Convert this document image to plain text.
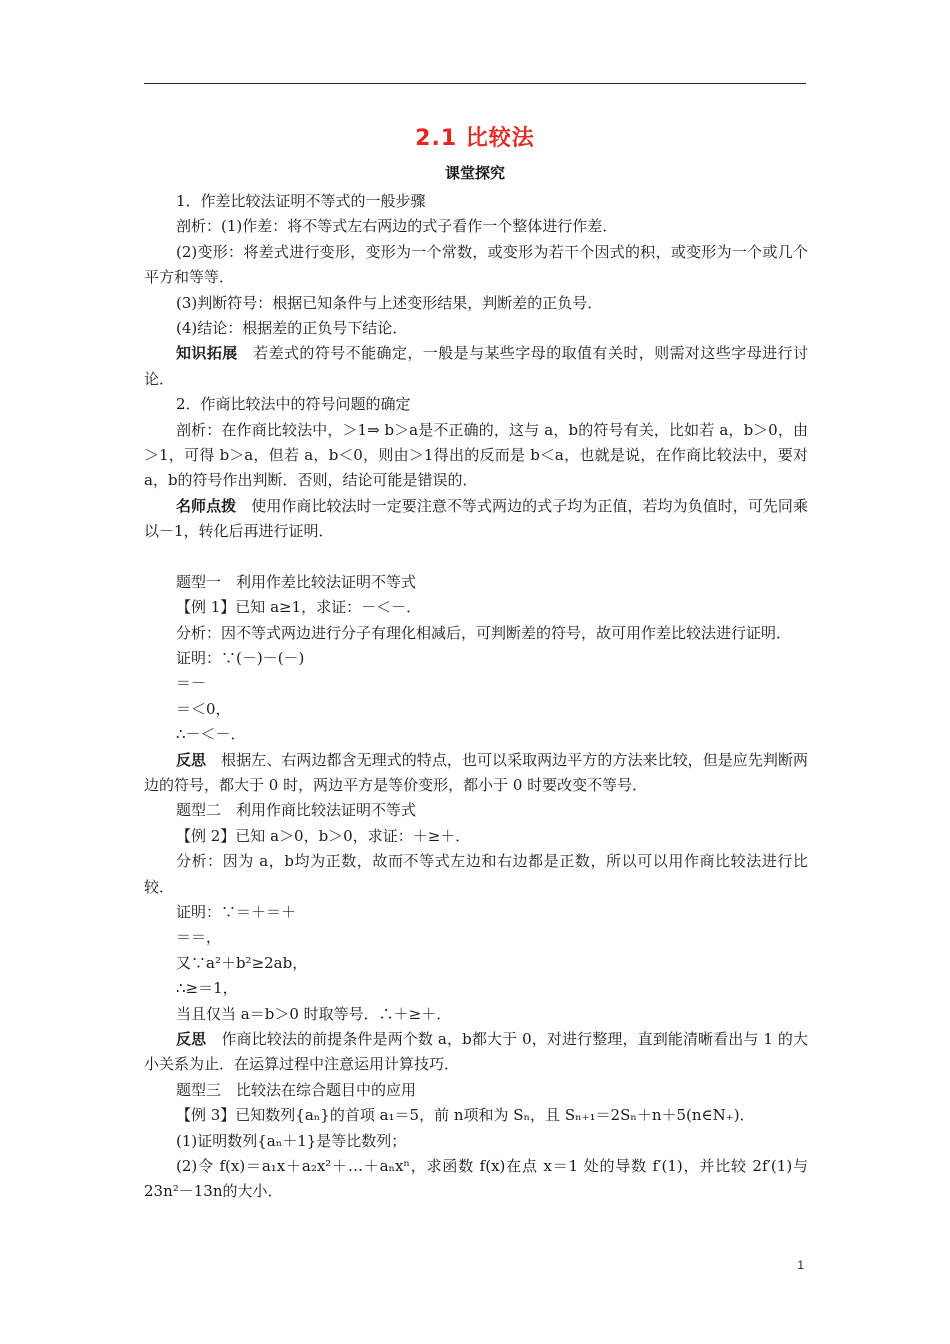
2.1 比较法
课堂探究

1．作差比较法证明不等式的一般步骤

剖析：(1)作差：将不等式左右两边的式子看作一个整体进行作差．

(2)变形：将差式进行变形，变形为一个常数，或变形为若干个因式的积，或变形为一个或几个平方和等等．

(3)判断符号：根据已知条件与上述变形结果，判断差的正负号．

(4)结论：根据差的正负号下结论．

知识拓展　 若差式的符号不能确定，一般是与某些字母的取值有关时，则需对这些字母进行讨论．

2．作商比较法中的符号问题的确定

剖析：在作商比较法中，＞1⇒ b＞a是不正确的，这与 a，b的符号有关，比如若 a，b＞0，由＞1，可得 b＞a，但若 a，b＜0，则由＞1得出的反而是 b＜a，也就是说，在作商比较法中，要对 a，b的符号作出判断．否则，结论可能是错误的．

名师点拨　 使用作商比较法时一定要注意不等式两边的式子均为正值，若均为负值时，可先同乘以－1，转化后再进行证明．

题型一　利用作差比较法证明不等式

【例 1】已知 a≥1，求证：－＜－．

分析：因不等式两边进行分子有理化相减后，可判断差的符号，故可用作差比较法进行证明．

证明：∵(－)－(－)

＝－

＝＜0，

∴－＜－．

反思　 根据左、右两边都含无理式的特点，也可以采取两边平方的方法来比较，但是应先判断两边的符号，都大于 0 时，两边平方是等价变形，都小于 0 时要改变不等号．

题型二　利用作商比较法证明不等式

【例 2】已知 a＞0，b＞0，求证：＋≥＋．

分析：因为 a，b均为正数，故而不等式左边和右边都是正数，所以可以用作商比较法进行比较．

证明：∵＝＋＝＋

＝＝，

又∵a²＋b²≥2ab，

∴≥＝1，

当且仅当 a＝b＞0 时取等号．∴＋≥＋．

反思　 作商比较法的前提条件是两个数 a，b都大于 0，对进行整理，直到能清晰看出与 1 的大小关系为止．在运算过程中注意运用计算技巧．

题型三　比较法在综合题目中的应用

【例 3】已知数列{aₙ}的首项 a₁＝5，前 n项和为 Sₙ，且 Sₙ₊₁＝2Sₙ＋n＋5(n∈N₊)．

(1)证明数列{aₙ＋1}是等比数列；

(2)令 f(x)＝a₁x＋a₂x²＋…＋aₙxⁿ，求函数 f(x)在点 x＝1 处的导数 f′(1)，并比较 2f′(1)与 23n²－13n的大小．

1
